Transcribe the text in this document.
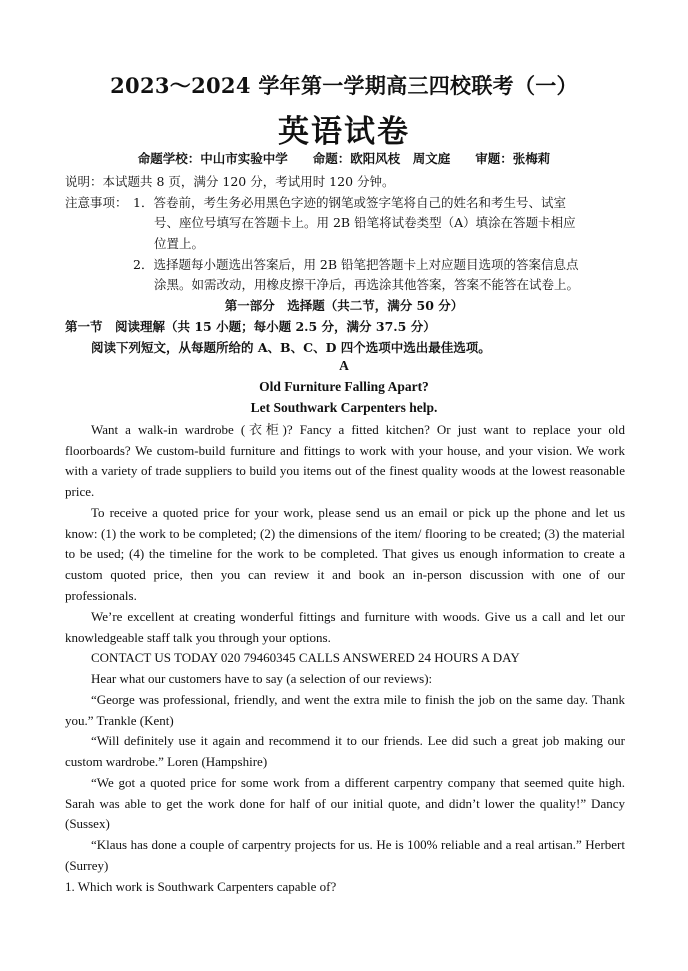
2023～2024 学年第一学期高三四校联考（一）
英语试卷
命题学校：中山市实验中学　　命题：欧阳风枝　周文庭　　审题：张梅莉
说明：本试题共 8 页，满分 120 分，考试用时 120 分钟。
注意事项： 1．答卷前，考生务必用黑色字迹的钢笔或签字笔将自己的姓名和考生号、试室
号、座位号填写在答题卡上。用 2B 铅笔将试卷类型（A）填涂在答题卡相应
位置上。
2．选择题每小题选出答案后，用 2B 铅笔把答题卡上对应题目选项的答案信息点
涂黑。如需改动，用橡皮擦干净后，再选涂其他答案，答案不能答在试卷上。
第一部分　选择题（共二节，满分 50 分）
第一节　阅读理解（共 15 小题；每小题 2.5 分，满分 37.5 分）
阅读下列短文，从每题所给的 A、B、C、D 四个选项中选出最佳选项。
A
Old Furniture Falling Apart?
Let Southwark Carpenters help.

Want a walk-in wardrobe (衣柜)? Fancy a fitted kitchen? Or just want to replace your old floorboards? We custom-build furniture and fittings to work with your house, and your vision. We work with a variety of trade suppliers to build you items out of the finest quality woods at the lowest reasonable price.

To receive a quoted price for your work, please send us an email or pick up the phone and let us know: (1) the work to be completed; (2) the dimensions of the item/ flooring to be created; (3) the material to be used; (4) the timeline for the work to be completed. That gives us enough information to create a custom quoted price, then you can review it and book an in-person discussion with one of our professionals.

We’re excellent at creating wonderful fittings and furniture with woods. Give us a call and let our knowledgeable staff talk you through your options.

CONTACT US TODAY 020 79460345 CALLS ANSWERED 24 HOURS A DAY

Hear what our customers have to say (a selection of our reviews):

“George was professional, friendly, and went the extra mile to finish the job on the same day. Thank you.” Trankle (Kent)

“Will definitely use it again and recommend it to our friends. Lee did such a great job making our custom wardrobe.” Loren (Hampshire)

“We got a quoted price for some work from a different carpentry company that seemed quite high. Sarah was able to get the work done for half of our initial quote, and didn’t lower the quality!” Dancy (Sussex)

“Klaus has done a couple of carpentry projects for us. He is 100% reliable and a real artisan.” Herbert (Surrey)

1. Which work is Southwark Carpenters capable of?
